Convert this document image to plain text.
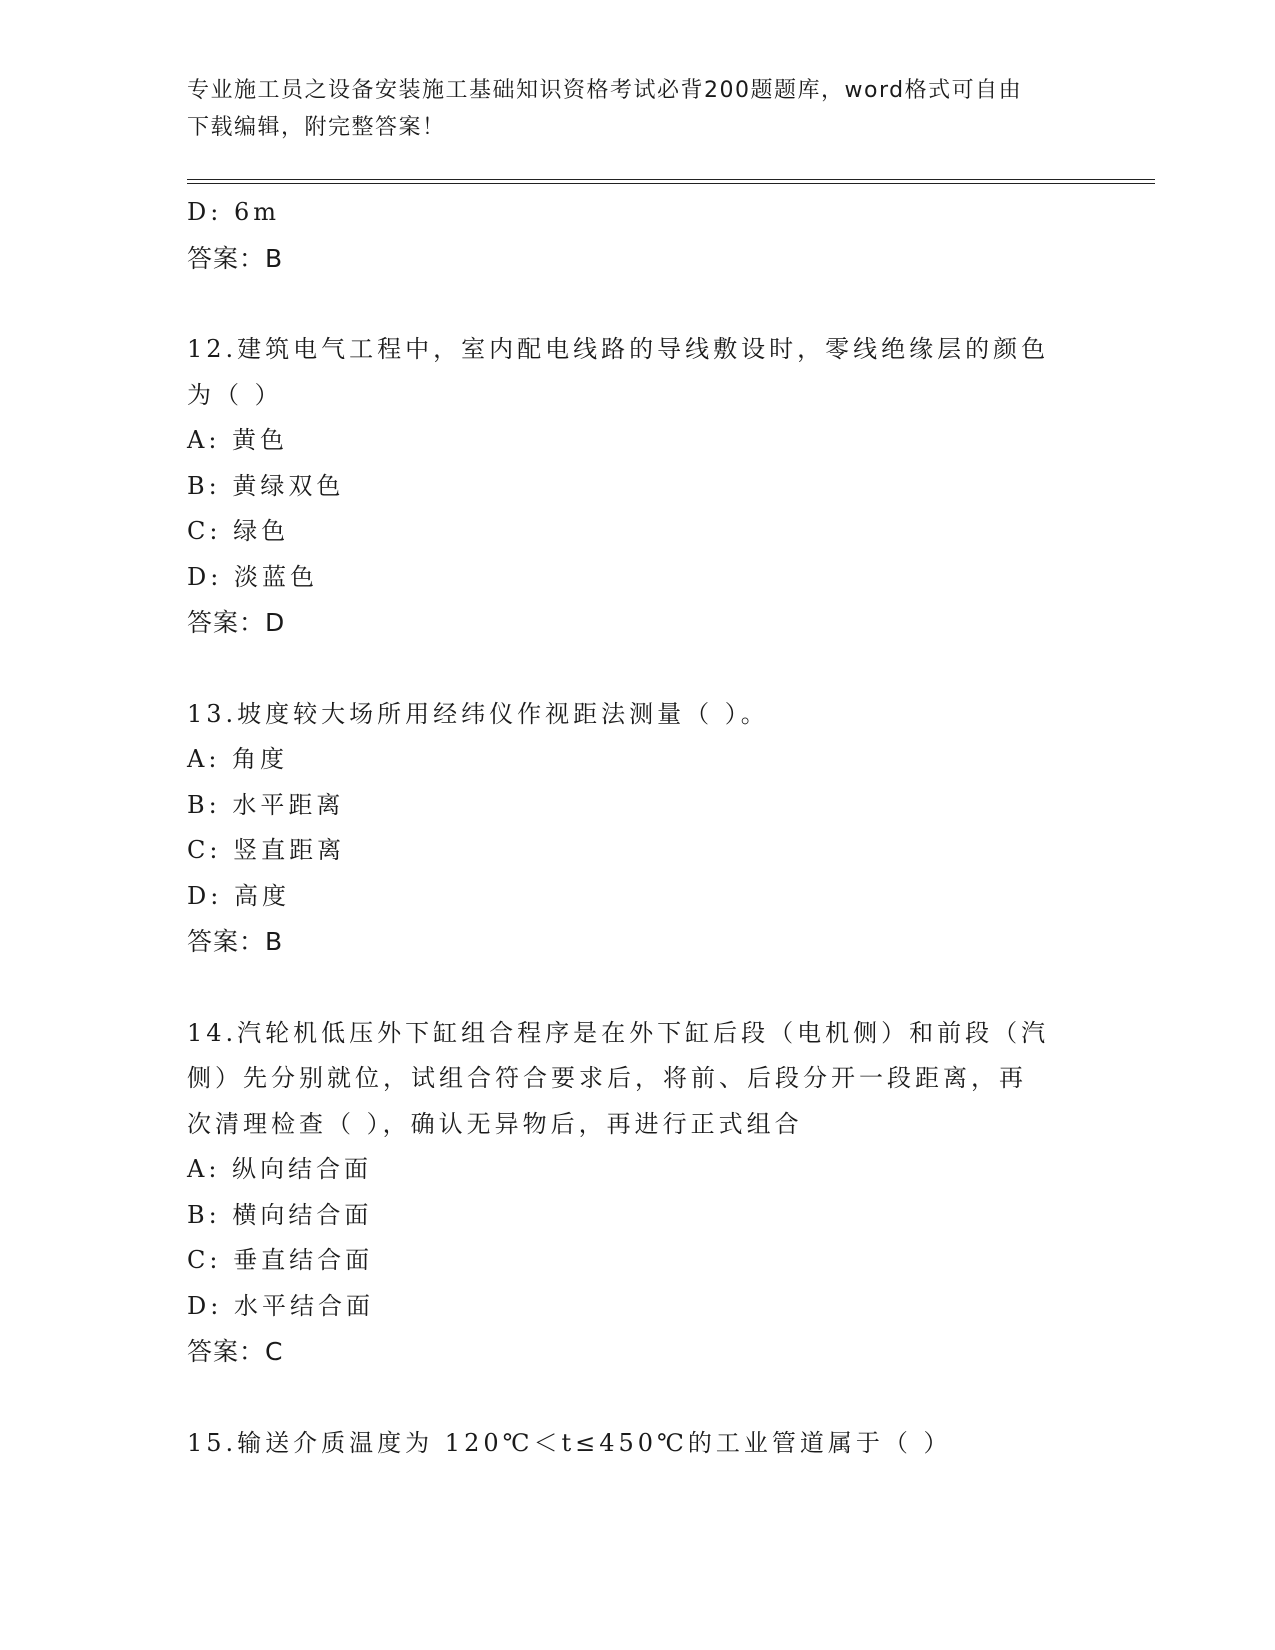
专业施工员之设备安装施工基础知识资格考试必背200题题库，word格式可自由
下载编辑，附完整答案！
D: 6m
答案：B
12.建筑电气工程中，室内配电线路的导线敷设时，零线绝缘层的颜色
为（ ）
A: 黄色
B: 黄绿双色
C: 绿色
D: 淡蓝色
答案：D
13.坡度较大场所用经纬仪作视距法测量（ ）。
A: 角度
B: 水平距离
C: 竖直距离
D: 高度
答案：B
14.汽轮机低压外下缸组合程序是在外下缸后段（电机侧）和前段（汽
侧）先分别就位，试组合符合要求后，将前、后段分开一段距离，再
次清理检查（ ），确认无异物后，再进行正式组合
A: 纵向结合面
B: 横向结合面
C: 垂直结合面
D: 水平结合面
答案：C
15.输送介质温度为 120℃＜t≤450℃的工业管道属于（ ）
